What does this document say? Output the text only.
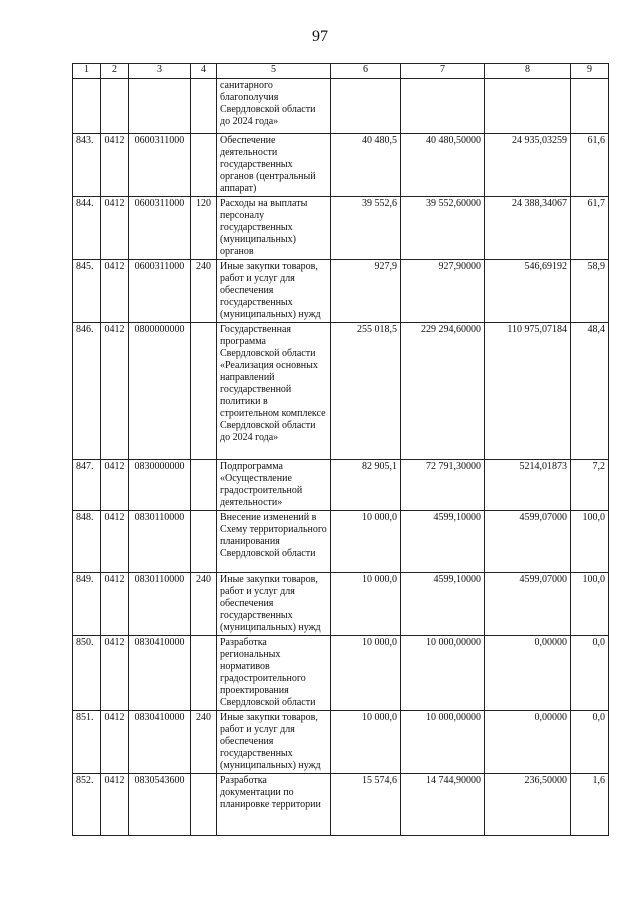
97
1	2	3	4	5	6	7	8	9
				санитарного благополучия Свердловской области до 2024 года»				
843.	0412	0600311000		Обеспечение деятельности государственных органов (центральный аппарат)	40 480,5	40 480,50000	24 935,03259	61,6
844.	0412	0600311000	120	Расходы на выплаты персоналу государственных (муниципальных) органов	39 552,6	39 552,60000	24 388,34067	61,7
845.	0412	0600311000	240	Иные закупки товаров, работ и услуг для обеспечения государственных (муниципальных) нужд	927,9	927,90000	546,69192	58,9
846.	0412	0800000000		Государственная программа Свердловской области «Реализация основных направлений государственной политики в строительном комплексе Свердловской области до 2024 года»	255 018,5	229 294,60000	110 975,07184	48,4
847.	0412	0830000000		Подпрограмма «Осуществление градостроительной деятельности»	82 905,1	72 791,30000	5214,01873	7,2
848.	0412	0830110000		Внесение изменений в Схему территориального планирования Свердловской области	10 000,0	4599,10000	4599,07000	100,0
849.	0412	0830110000	240	Иные закупки товаров, работ и услуг для обеспечения государственных (муниципальных) нужд	10 000,0	4599,10000	4599,07000	100,0
850.	0412	0830410000		Разработка региональных нормативов градостроительного проектирования Свердловской области	10 000,0	10 000,00000	0,00000	0,0
851.	0412	0830410000	240	Иные закупки товаров, работ и услуг для обеспечения государственных (муниципальных) нужд	10 000,0	10 000,00000	0,00000	0,0
852.	0412	0830543600		Разработка документации по планировке территории	15 574,6	14 744,90000	236,50000	1,6
